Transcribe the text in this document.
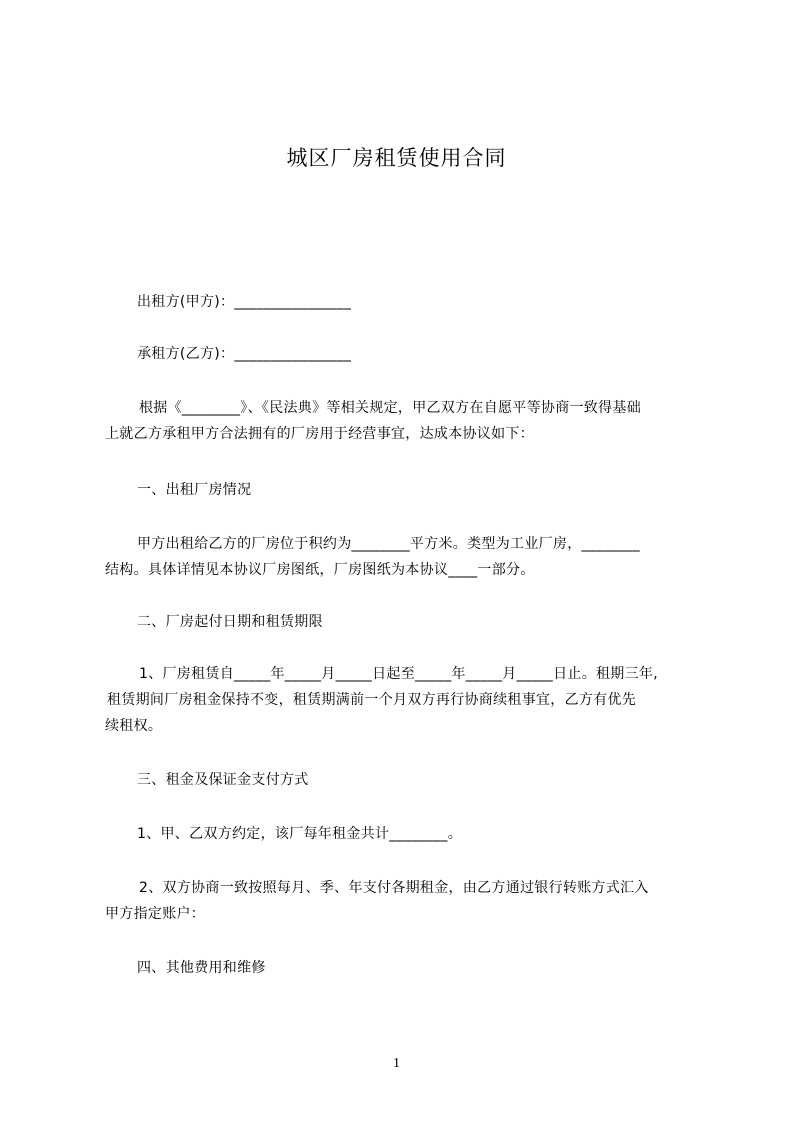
城区厂房租赁使用合同
出租方(甲方)：________________
承租方(乙方)：________________
根据《________》、《民法典》等相关规定，甲乙双方在自愿平等协商一致得基础
上就乙方承租甲方合法拥有的厂房用于经营事宜，达成本协议如下：
一、出租厂房情况
甲方出租给乙方的厂房位于积约为________平方米。类型为工业厂房，________
结构。具体详情见本协议厂房图纸，厂房图纸为本协议____一部分。
二、厂房起付日期和租赁期限
1、厂房租赁自_____年_____月_____日起至_____年_____月_____日止。租期三年,
租赁期间厂房租金保持不变，租赁期满前一个月双方再行协商续租事宜，乙方有优先
续租权。
三、租金及保证金支付方式
1、甲、乙双方约定，该厂每年租金共计________。
2、双方协商一致按照每月、季、年支付各期租金，由乙方通过银行转账方式汇入
甲方指定账户：
四、其他费用和维修
1
